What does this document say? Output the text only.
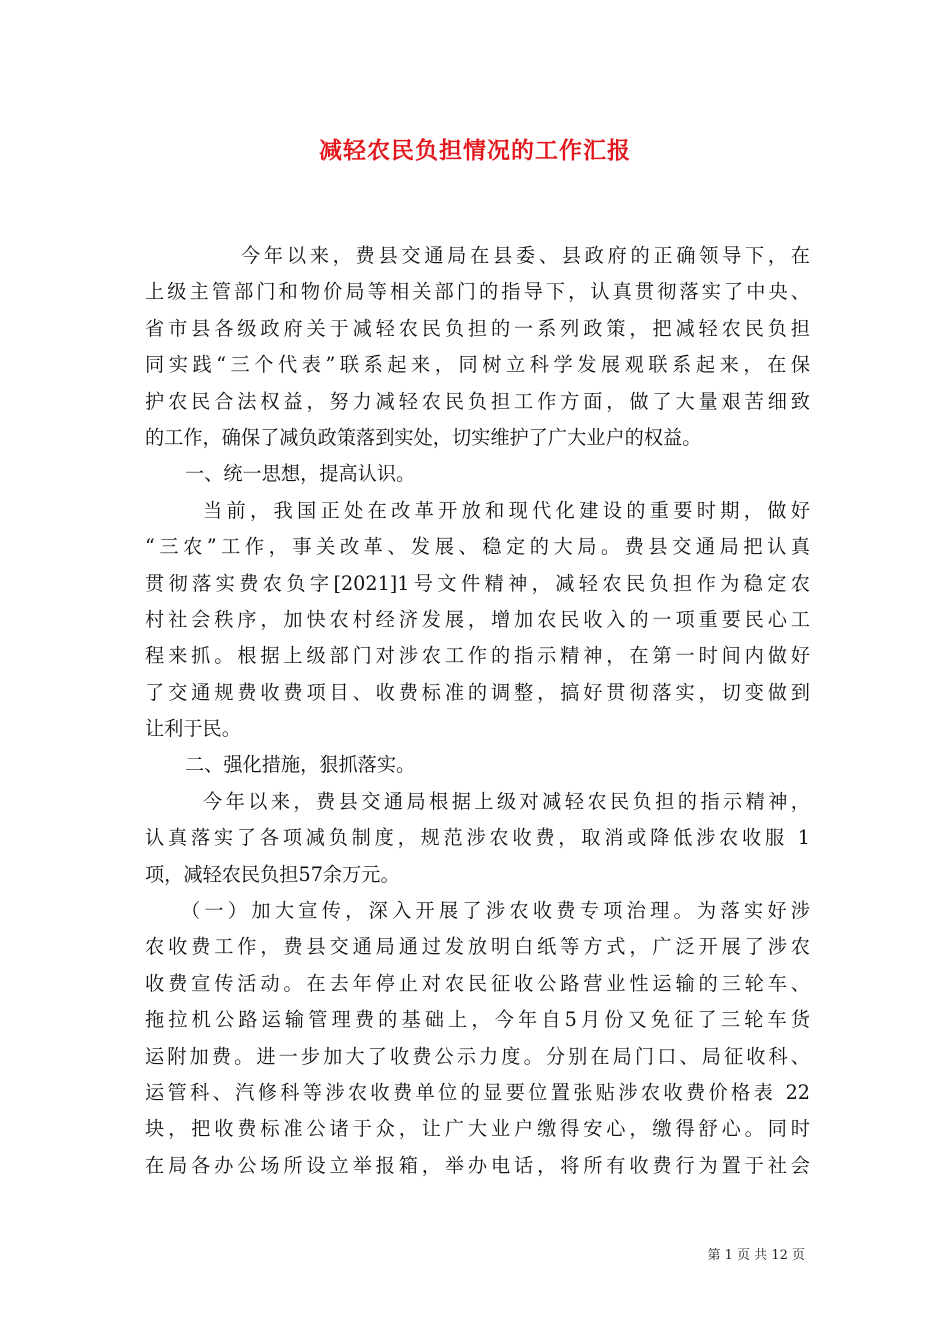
减轻农民负担情况的工作汇报
今年以来，费县交通局在县委、县政府的正确领导下，在
上级主管部门和物价局等相关部门的指导下，认真贯彻落实了中央、
省市县各级政府关于减轻农民负担的一系列政策，把减轻农民负担
同实践“三个代表”联系起来，同树立科学发展观联系起来，在保
护农民合法权益，努力减轻农民负担工作方面，做了大量艰苦细致
的工作，确保了减负政策落到实处，切实维护了广大业户的权益。
一、统一思想，提高认识。
当前，我国正处在改革开放和现代化建设的重要时期，做好
“三农”工作，事关改革、发展、稳定的大局。费县交通局把认真
贯彻落实费农负字[2021]1号文件精神，减轻农民负担作为稳定农
村社会秩序，加快农村经济发展，增加农民收入的一项重要民心工
程来抓。根据上级部门对涉农工作的指示精神，在第一时间内做好
了交通规费收费项目、收费标准的调整，搞好贯彻落实，切变做到
让利于民。
二、强化措施，狠抓落实。
今年以来，费县交通局根据上级对减轻农民负担的指示精神，
认真落实了各项减负制度，规范涉农收费，取消或降低涉农收服 1
项，减轻农民负担57余万元。
（一）加大宣传，深入开展了涉农收费专项治理。为落实好涉
农收费工作，费县交通局通过发放明白纸等方式，广泛开展了涉农
收费宣传活动。在去年停止对农民征收公路营业性运输的三轮车、
拖拉机公路运输管理费的基础上，今年自5月份又免征了三轮车货
运附加费。进一步加大了收费公示力度。分别在局门口、局征收科、
运管科、汽修科等涉农收费单位的显要位置张贴涉农收费价格表 22
块，把收费标准公诸于众，让广大业户缴得安心，缴得舒心。同时
在局各办公场所设立举报箱，举办电话，将所有收费行为置于社会
第 1 页 共 12 页
